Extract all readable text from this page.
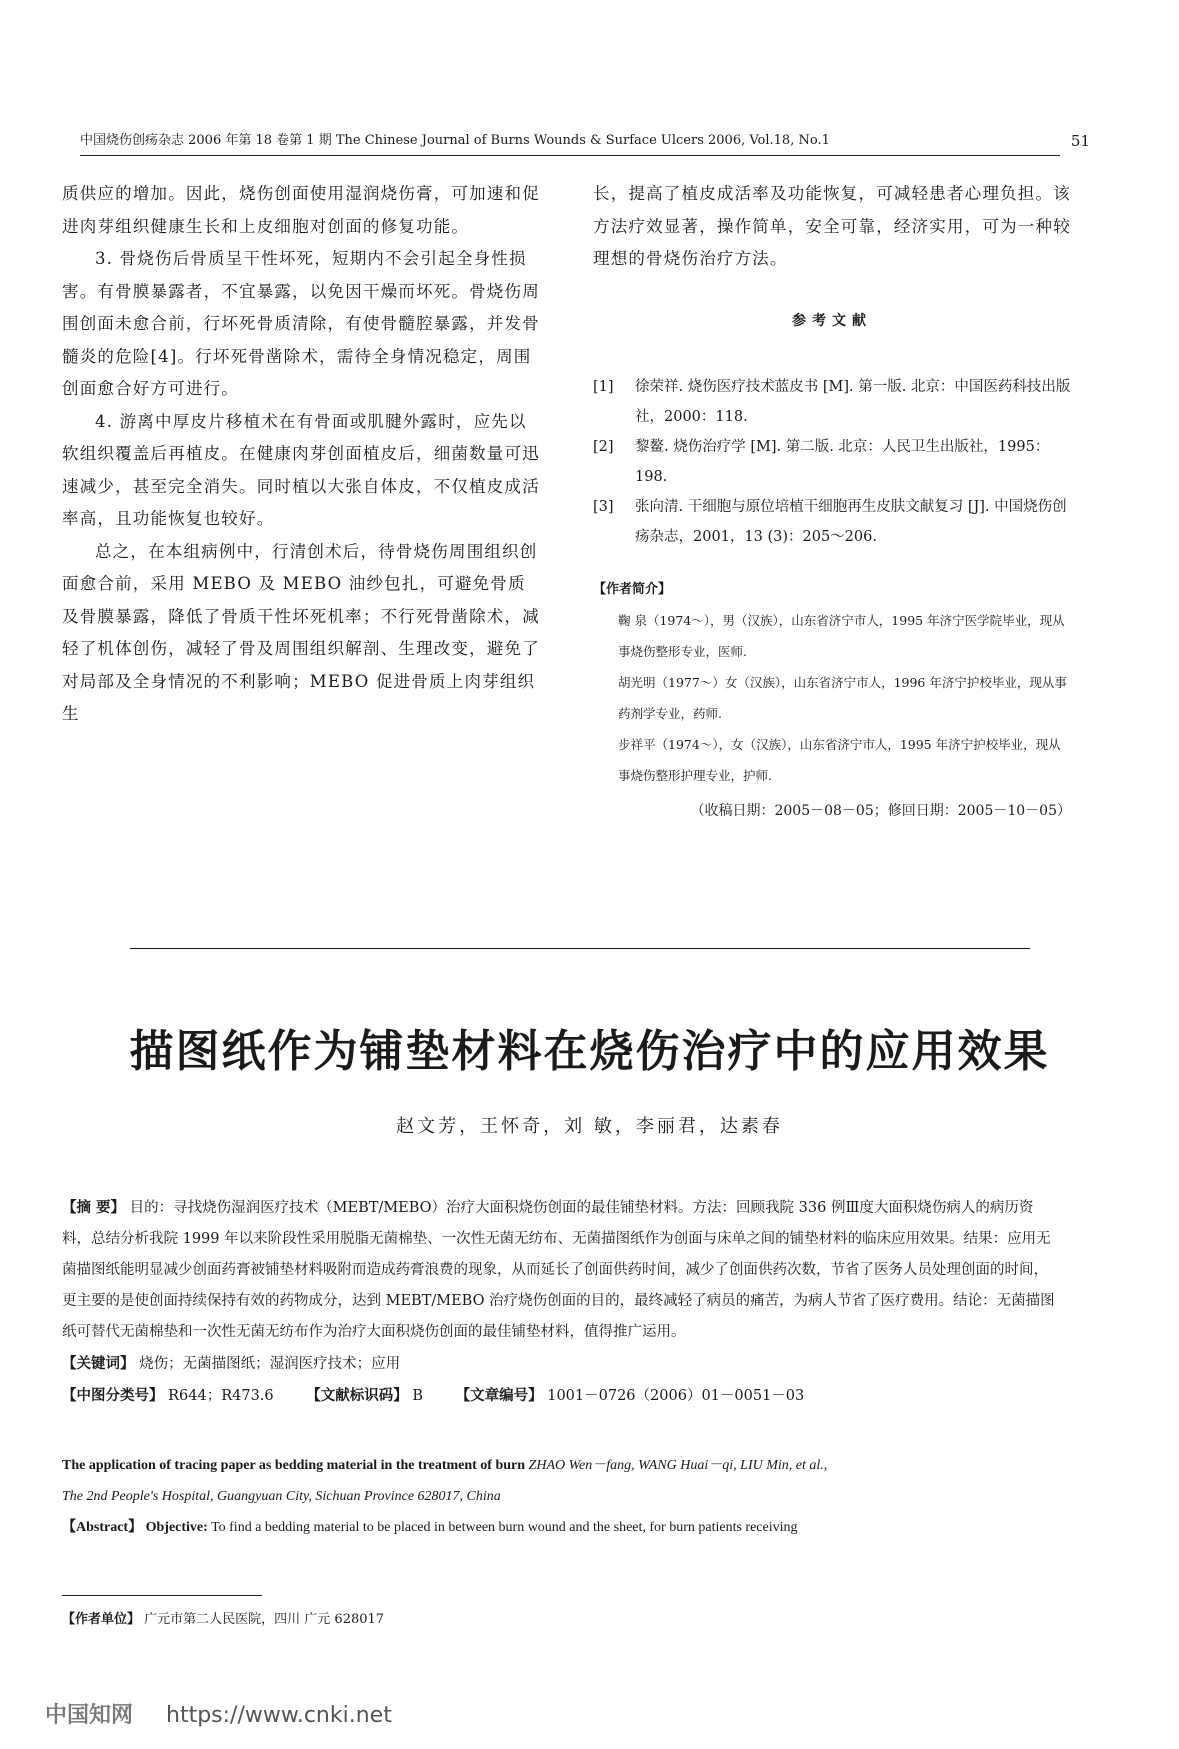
中国烧伤创疡杂志 2006 年第 18 卷第 1 期 The Chinese Journal of Burns Wounds & Surface Ulcers 2006, Vol.18, No.1	51

质供应的增加。因此，烧伤创面使用湿润烧伤膏，可加速和促进肉芽组织健康生长和上皮细胞对创面的修复功能。

3. 骨烧伤后骨质呈干性坏死，短期内不会引起全身性损害。有骨膜暴露者，不宜暴露，以免因干燥而坏死。骨烧伤周围创面未愈合前，行坏死骨质清除，有使骨髓腔暴露，并发骨髓炎的危险[4]。行坏死骨凿除术，需待全身情况稳定，周围创面愈合好方可进行。

4. 游离中厚皮片移植术在有骨面或肌腱外露时，应先以软组织覆盖后再植皮。在健康肉芽创面植皮后，细菌数量可迅速减少，甚至完全消失。同时植以大张自体皮，不仅植皮成活率高，且功能恢复也较好。

总之，在本组病例中，行清创术后，待骨烧伤周围组织创面愈合前，采用 MEBO 及 MEBO 油纱包扎，可避免骨质及骨膜暴露，降低了骨质干性坏死机率；不行死骨凿除术，减轻了机体创伤，减轻了骨及周围组织解剖、生理改变，避免了对局部及全身情况的不利影响；MEBO 促进骨质上肉芽组织生

长，提高了植皮成活率及功能恢复，可减轻患者心理负担。该方法疗效显著，操作简单，安全可靠，经济实用，可为一种较理想的骨烧伤治疗方法。

参考文献
[1]	徐荣祥. 烧伤医疗技术蓝皮书 [M]. 第一版. 北京：中国医药科技出版社，2000：118.
[2]	黎鳌. 烧伤治疗学 [M]. 第二版. 北京：人民卫生出版社，1995：198.
[3]	张向清. 干细胞与原位培植干细胞再生皮肤文献复习 [J]. 中国烧伤创疡杂志，2001，13 (3)：205～206.
【作者简介】

鞠 泉（1974～），男（汉族），山东省济宁市人，1995 年济宁医学院毕业，现从事烧伤整形专业，医师.

胡光明（1977～）女（汉族），山东省济宁市人，1996 年济宁护校毕业，现从事药剂学专业，药师.

步祥平（1974～），女（汉族），山东省济宁市人，1995 年济宁护校毕业，现从事烧伤整形护理专业，护师.

（收稿日期：2005－08－05；修回日期：2005－10－05）
描图纸作为铺垫材料在烧伤治疗中的应用效果
赵文芳，王怀奇，刘 敏，李丽君，达素春

【摘 要】 目的：寻找烧伤湿润医疗技术（MEBT/MEBO）治疗大面积烧伤创面的最佳铺垫材料。方法：回顾我院 336 例Ⅲ度大面积烧伤病人的病历资料，总结分析我院 1999 年以来阶段性采用脱脂无菌棉垫、一次性无菌无纺布、无菌描图纸作为创面与床单之间的铺垫材料的临床应用效果。结果：应用无菌描图纸能明显减少创面药膏被铺垫材料吸附而造成药膏浪费的现象，从而延长了创面供药时间，减少了创面供药次数，节省了医务人员处理创面的时间，更主要的是使创面持续保持有效的药物成分，达到 MEBT/MEBO 治疗烧伤创面的目的，最终减轻了病员的痛苦，为病人节省了医疗费用。结论：无菌描图纸可替代无菌棉垫和一次性无菌无纺布作为治疗大面积烧伤创面的最佳铺垫材料，值得推广运用。

【关键词】 烧伤；无菌描图纸；湿润医疗技术；应用

【中图分类号】 R644；R473.6 【文献标识码】 B 【文章编号】 1001－0726（2006）01－0051－03

The application of tracing paper as bedding material in the treatment of burn ZHAO Wen－fang, WANG Huai－qi, LIU Min, et al.,

The 2nd People's Hospital, Guangyuan City, Sichuan Province 628017, China

【Abstract】 Objective: To find a bedding material to be placed in between burn wound and the sheet, for burn patients receiving

【作者单位】 广元市第二人民医院，四川 广元 628017
中国知网 https://www.cnki.net
